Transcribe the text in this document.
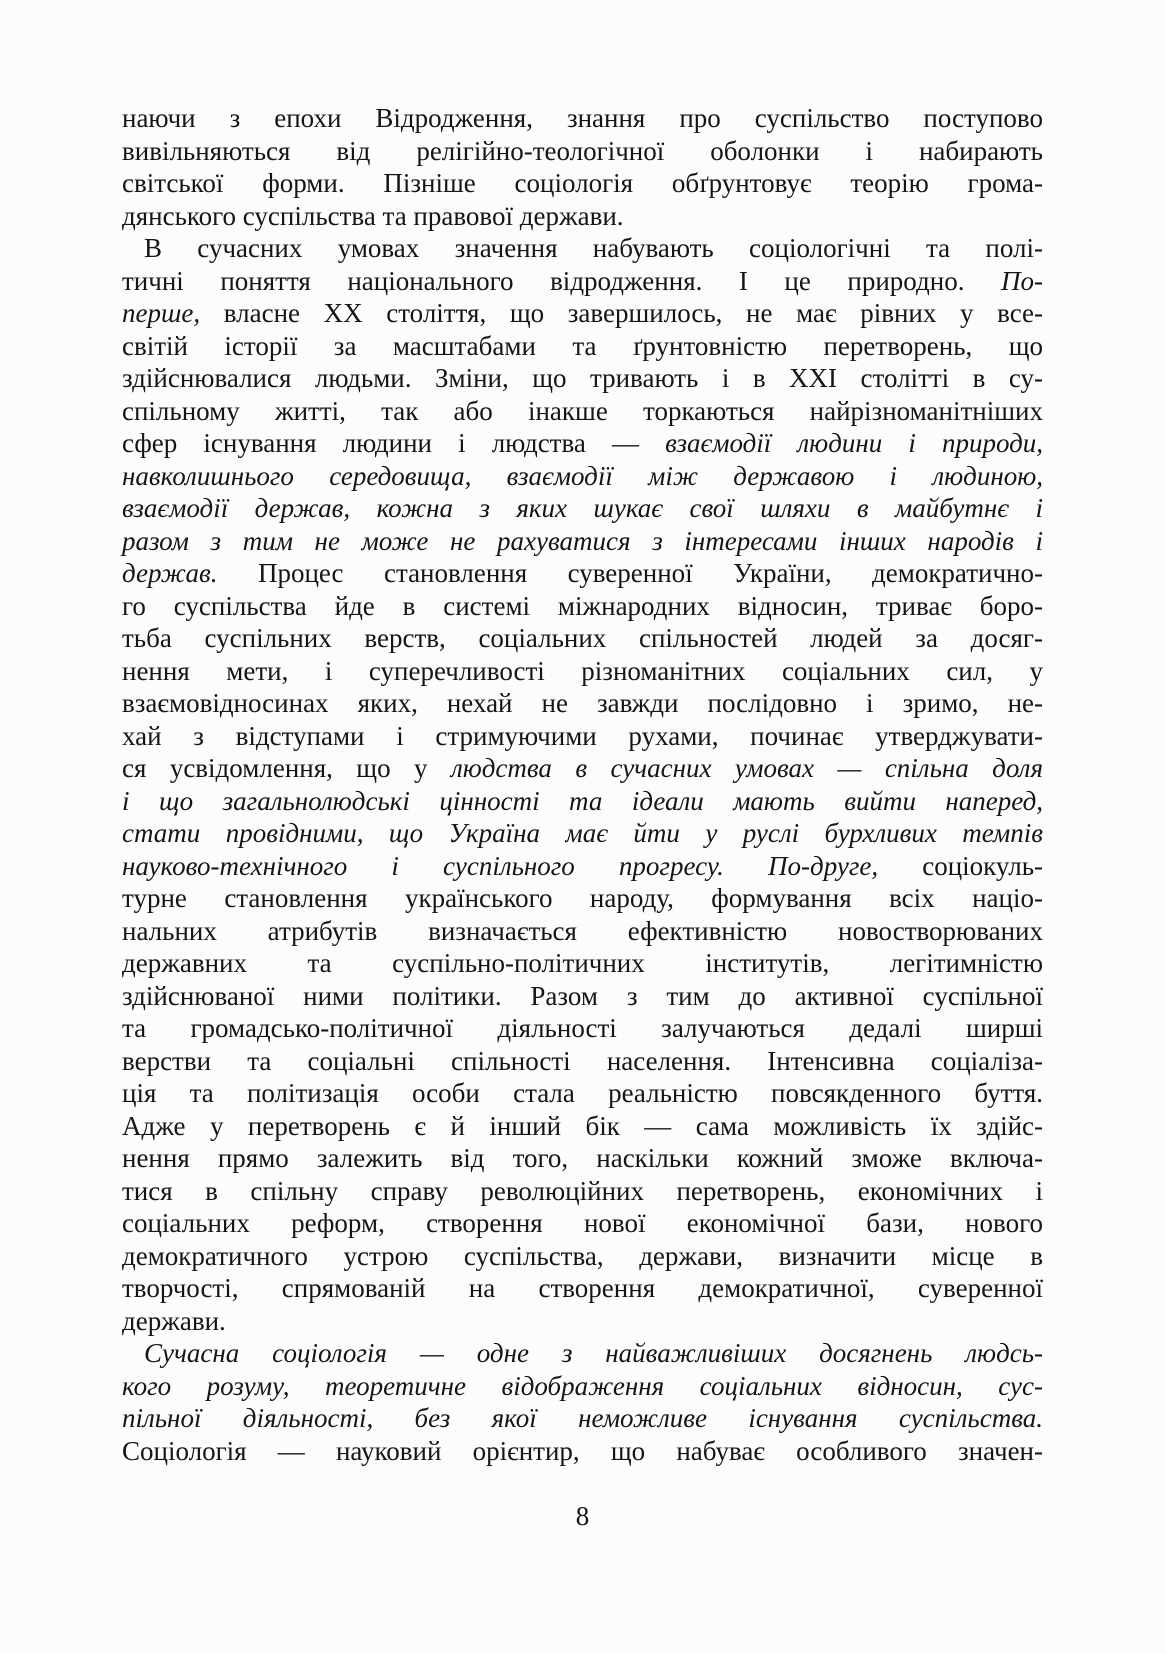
наючи з епохи Відродження, знання про суспільство поступово
вивільняються від релігійно-теологічної оболонки і набирають
світської форми. Пізніше соціологія обґрунтовує теорію грома-
дянського суспільства та правової держави.
В сучасних умовах значення набувають соціологічні та полі-
тичні поняття національного відродження. І це природно. По-
перше, власне XX століття, що завершилось, не має рівних у все-
світій історії за масштабами та ґрунтовністю перетворень, що
здійснювалися людьми. Зміни, що тривають і в XXI столітті в су-
спільному житті, так або інакше торкаються найрізноманітніших
сфер існування людини і людства — взаємодії людини і природи,
навколишнього середовища, взаємодії між державою і людиною,
взаємодії держав, кожна з яких шукає свої шляхи в майбутнє і
разом з тим не може не рахуватися з інтересами інших народів і
держав. Процес становлення суверенної України, демократично-
го суспільства йде в системі міжнародних відносин, триває боро-
тьба суспільних верств, соціальних спільностей людей за досяг-
нення мети, і суперечливості різноманітних соціальних сил, у
взаємовідносинах яких, нехай не завжди послідовно і зримо, не-
хай з відступами і стримуючими рухами, починає утверджувати-
ся усвідомлення, що у людства в сучасних умовах — спільна доля
і що загальнолюдські цінності та ідеали мають вийти наперед,
стати провідними, що Україна має йти у руслі бурхливих темпів
науково-технічного і суспільного прогресу. По-друге, соціокуль-
турне становлення українського народу, формування всіх націо-
нальних атрибутів визначається ефективністю новостворюваних
державних та суспільно-політичних інститутів, легітимністю
здійснюваної ними політики. Разом з тим до активної суспільної
та громадсько-політичної діяльності залучаються дедалі ширші
верстви та соціальні спільності населення. Інтенсивна соціаліза-
ція та політизація особи стала реальністю повсякденного буття.
Адже у перетворень є й інший бік — сама можливість їх здійс-
нення прямо залежить від того, наскільки кожний зможе включа-
тися в спільну справу революційних перетворень, економічних і
соціальних реформ, створення нової економічної бази, нового
демократичного устрою суспільства, держави, визначити місце в
творчості, спрямованій на створення демократичної, суверенної
держави.
Сучасна соціологія — одне з найважливіших досягнень людсь-
кого розуму, теоретичне відображення соціальних відносин, сус-
пільної діяльності, без якої неможливе існування суспільства.
Соціологія — науковий орієнтир, що набуває особливого значен-
8
